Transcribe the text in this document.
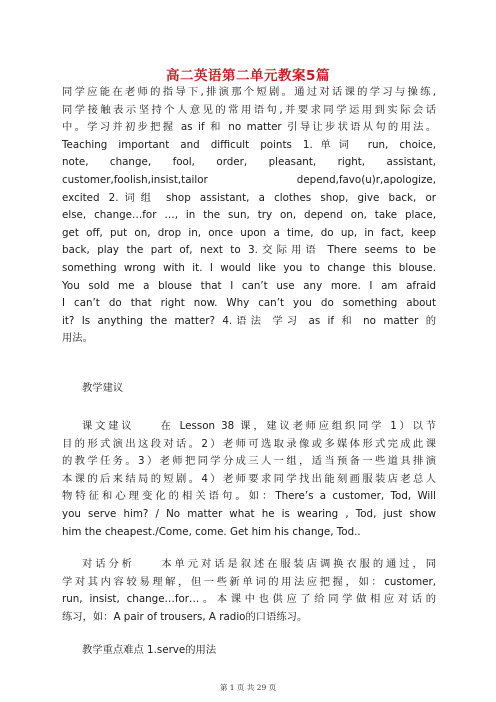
高二英语第二单元教案5篇
同学应能在老师的指导下,排演那个短剧。通过对话课的学习与操练,
同学接触表示坚持个人意见的常用语句,并要求同学运用到实际会话
中。学习并初步把握 as if 和 no matter 引导让步状语从句的用法。
Teaching important and difficult points 1.单词 run, choice,
note, change, fool, order, pleasant, right, assistant,
customer,foolish,insist,tailor depend,favo(u)r,apologize,
excited 2.词组 shop assistant, a clothes shop, give back, or
else, change…for …, in the sun, try on, depend on, take place,
get off, put on, drop in, once upon a time, do up, in fact, keep
back, play the part of, next to 3.交际用语 There seems to be
something wrong with it. I would like you to change this blouse.
You sold me a blouse that I can’t use any more. I am afraid
I can’t do that right now. Why can’t you do something about
it? Is anything the matter? 4.语法 学习 as if 和 no matter 的
用法。
教学建议
课文建议　　在 Lesson 38 课，建议老师应组织同学 1）以节
目的形式演出这段对话。2）老师可选取录像或多媒体形式完成此课
的教学任务。3）老师把同学分成三人一组，适当预备一些道具排演
本课的后来结局的短剧。4）老师要求同学找出能刻画服装店老总人
物特征和心理变化的相关语句。如：There’s a customer, Tod, Will
you serve him? / No matter what he is wearing , Tod, just show
him the cheapest./Come, come. Get him his change, Tod..
对话分析　　本单元对话是叙述在服装店调换衣服的通过，同
学对其内容较易理解，但一些新单词的用法应把握，如：customer,
run, insist, change…for…。本课中也供应了给同学做相应对话的
练习，如：A pair of trousers, A radio的口语练习。
教学重点难点 1.serve的用法
第 1 页 共 29 页
